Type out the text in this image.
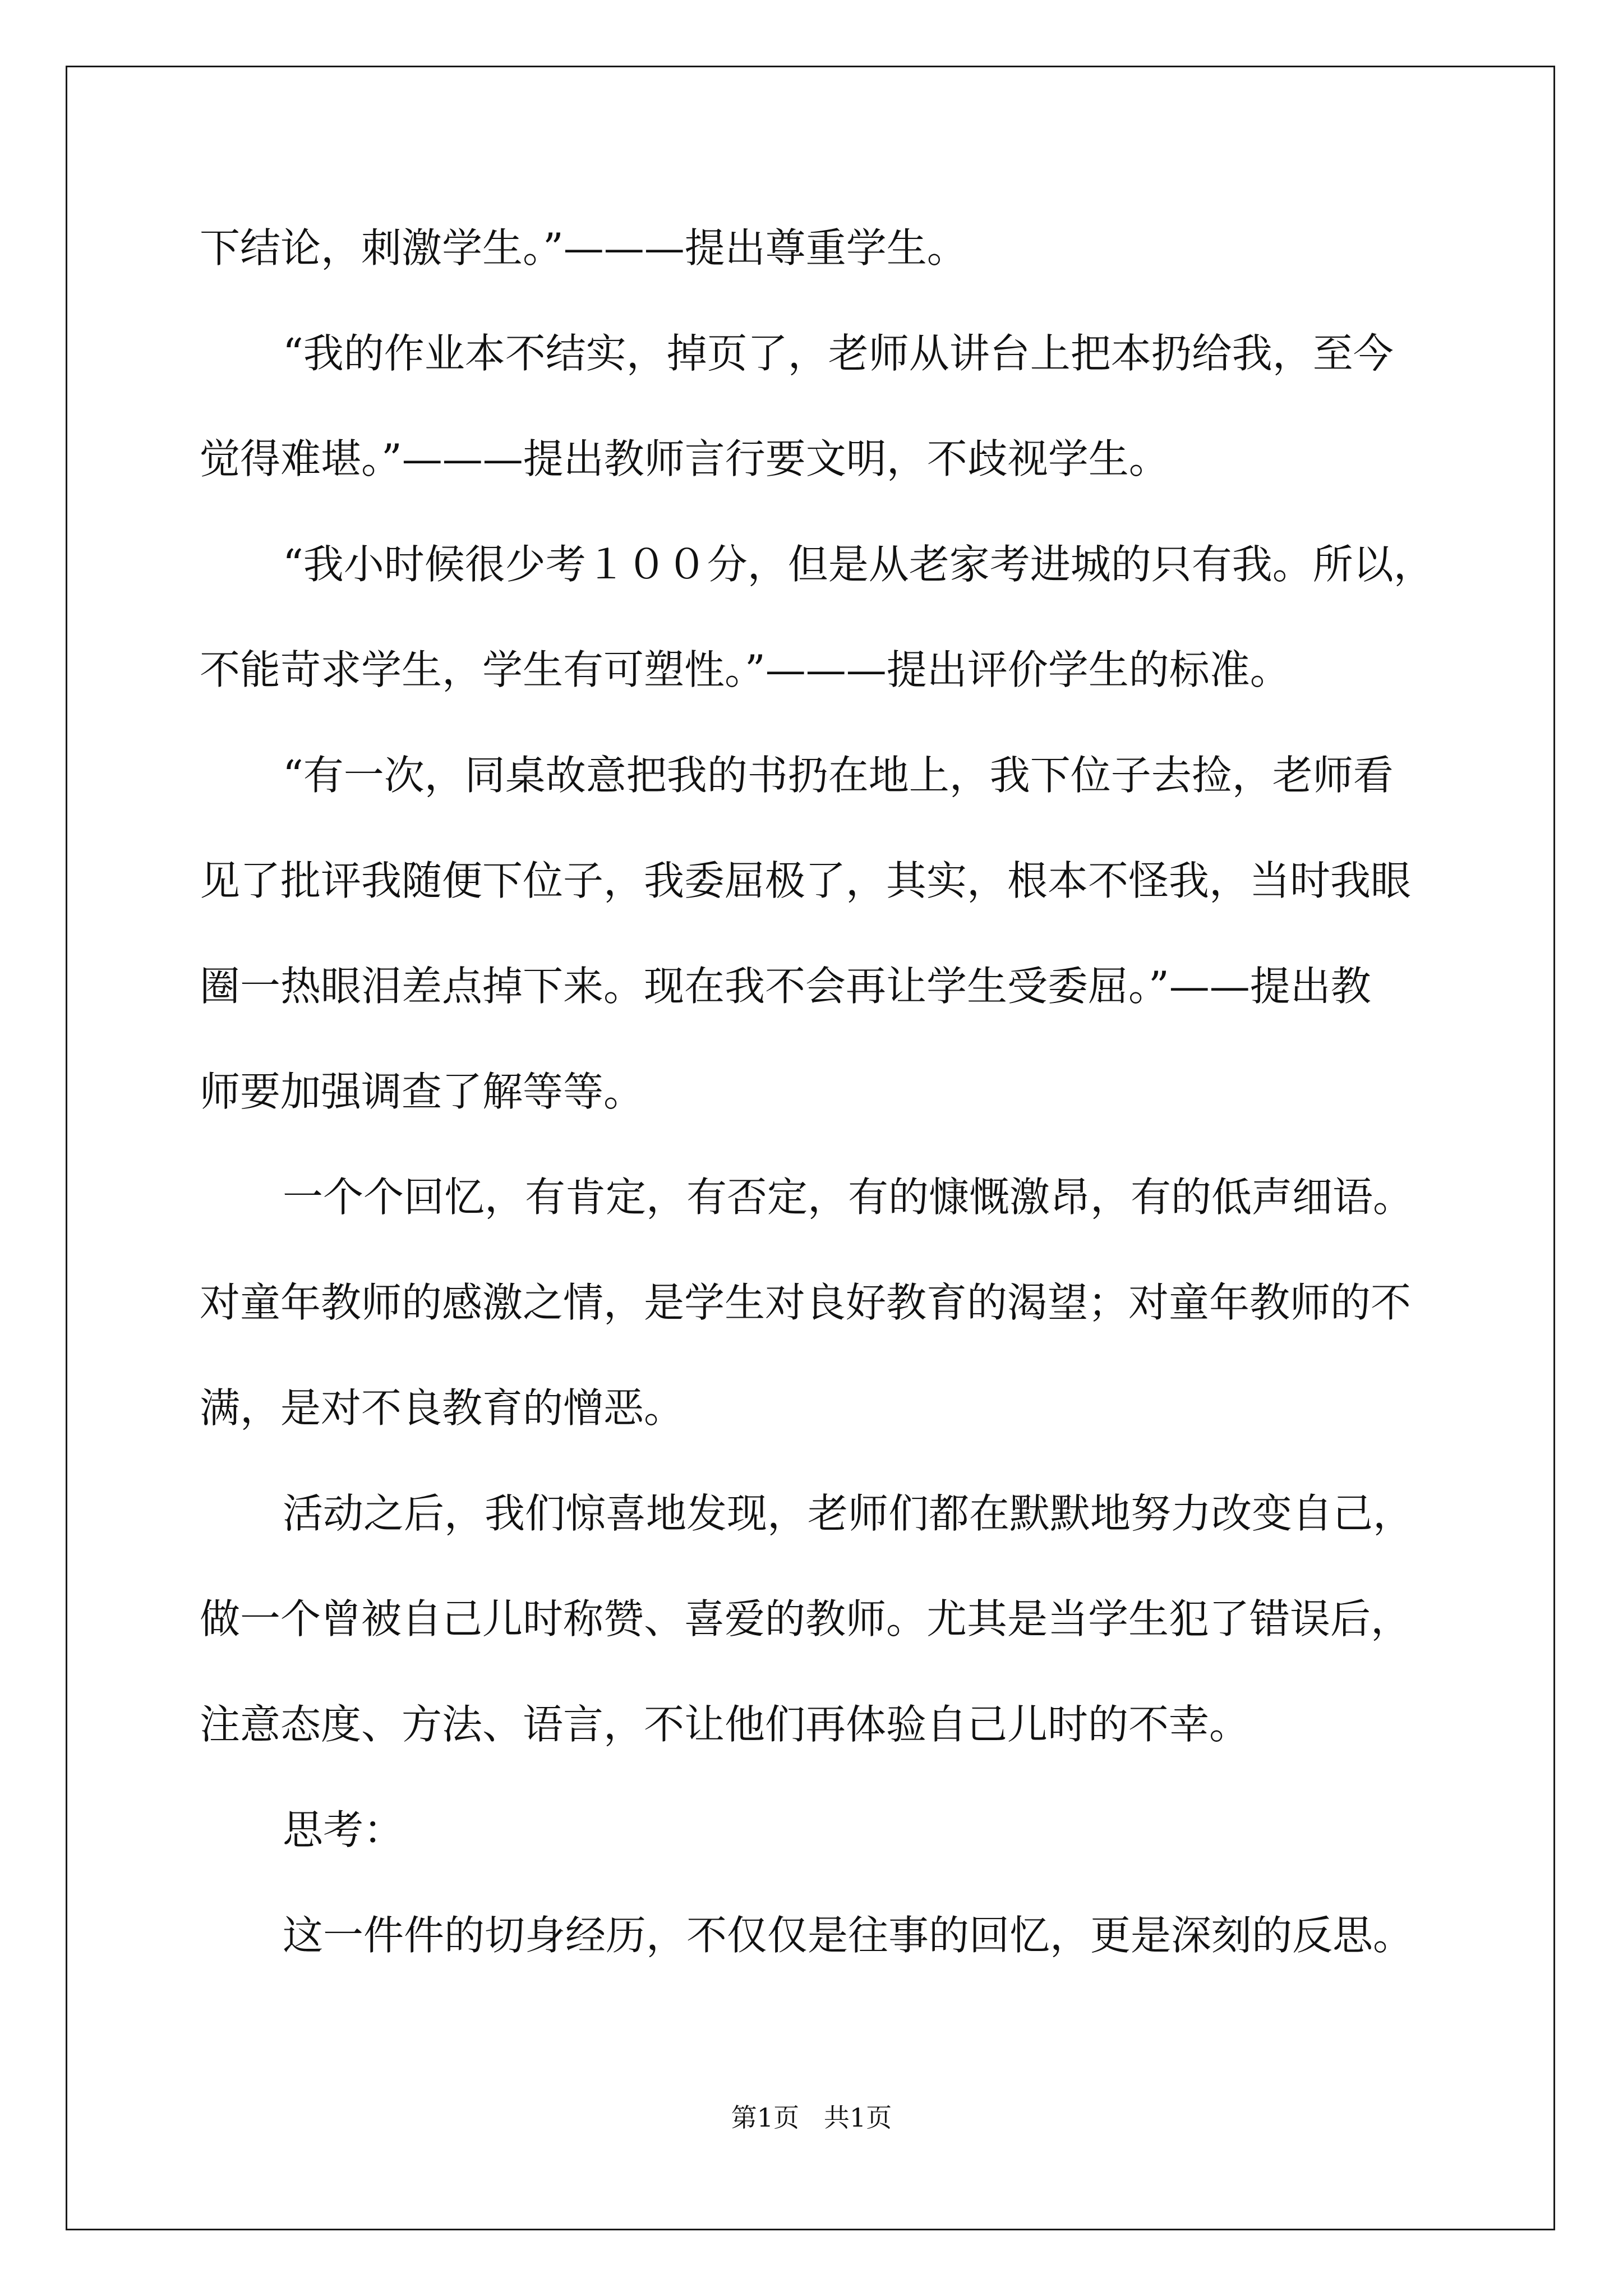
下结论，刺激学生。”———提出尊重学生。
“我的作业本不结实，掉页了，老师从讲台上把本扔给我，至今
觉得难堪。”———提出教师言行要文明，不歧视学生。
“我小时候很少考１００分，但是从老家考进城的只有我。所以，
不能苛求学生，学生有可塑性。”———提出评价学生的标准。
“有一次，同桌故意把我的书扔在地上，我下位子去捡，老师看
见了批评我随便下位子，我委屈极了，其实，根本不怪我，当时我眼
圈一热眼泪差点掉下来。现在我不会再让学生受委屈。”——提出教
师要加强调查了解等等。
一个个回忆，有肯定，有否定，有的慷慨激昂，有的低声细语。
对童年教师的感激之情，是学生对良好教育的渴望；对童年教师的不
满，是对不良教育的憎恶。
活动之后，我们惊喜地发现，老师们都在默默地努力改变自己，
做一个曾被自己儿时称赞、喜爱的教师。尤其是当学生犯了错误后，
注意态度、方法、语言，不让他们再体验自己儿时的不幸。
思考：
这一件件的切身经历，不仅仅是往事的回忆，更是深刻的反思。
第1页   共1页
